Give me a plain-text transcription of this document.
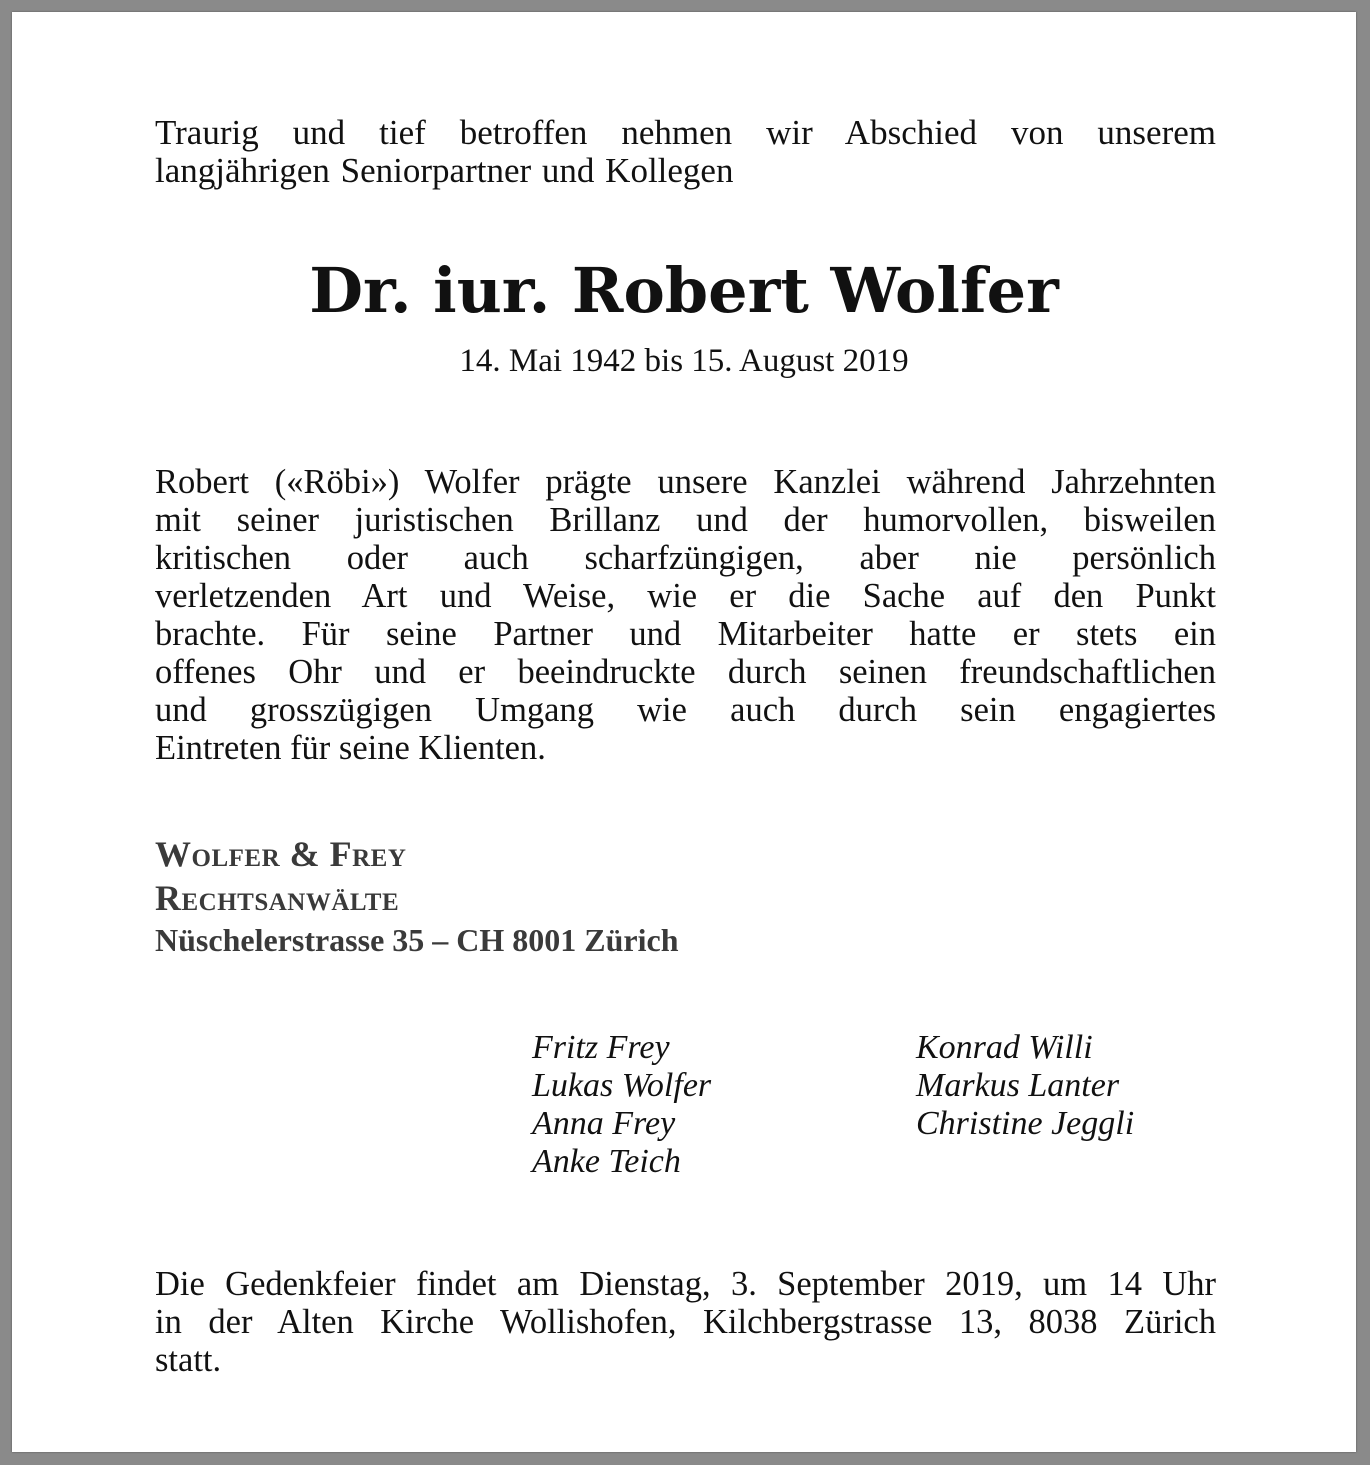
Traurig und tief betroffen nehmen wir Abschied von unserem
langjährigen Seniorpartner und Kollegen
Dr. iur. Robert Wolfer
14. Mai 1942 bis 15. August 2019
Robert («Röbi») Wolfer prägte unsere Kanzlei während Jahrzehnten
mit seiner juristischen Brillanz und der humorvollen, bisweilen
kritischen oder auch scharfzüngigen, aber nie persönlich
verletzenden Art und Weise, wie er die Sache auf den Punkt
brachte. Für seine Partner und Mitarbeiter hatte er stets ein
offenes Ohr und er beeindruckte durch seinen freundschaftlichen
und grosszügigen Umgang wie auch durch sein engagiertes
Eintreten für seine Klienten.
Wolfer & Frey
Rechtsanwälte
Nüschelerstrasse 35 – CH 8001 Zürich
Fritz Frey
Lukas Wolfer
Anna Frey
Anke Teich
Konrad Willi
Markus Lanter
Christine Jeggli
Die Gedenkfeier findet am Dienstag, 3. September 2019, um 14 Uhr
in der Alten Kirche Wollishofen, Kilchbergstrasse 13, 8038 Zürich
statt.
